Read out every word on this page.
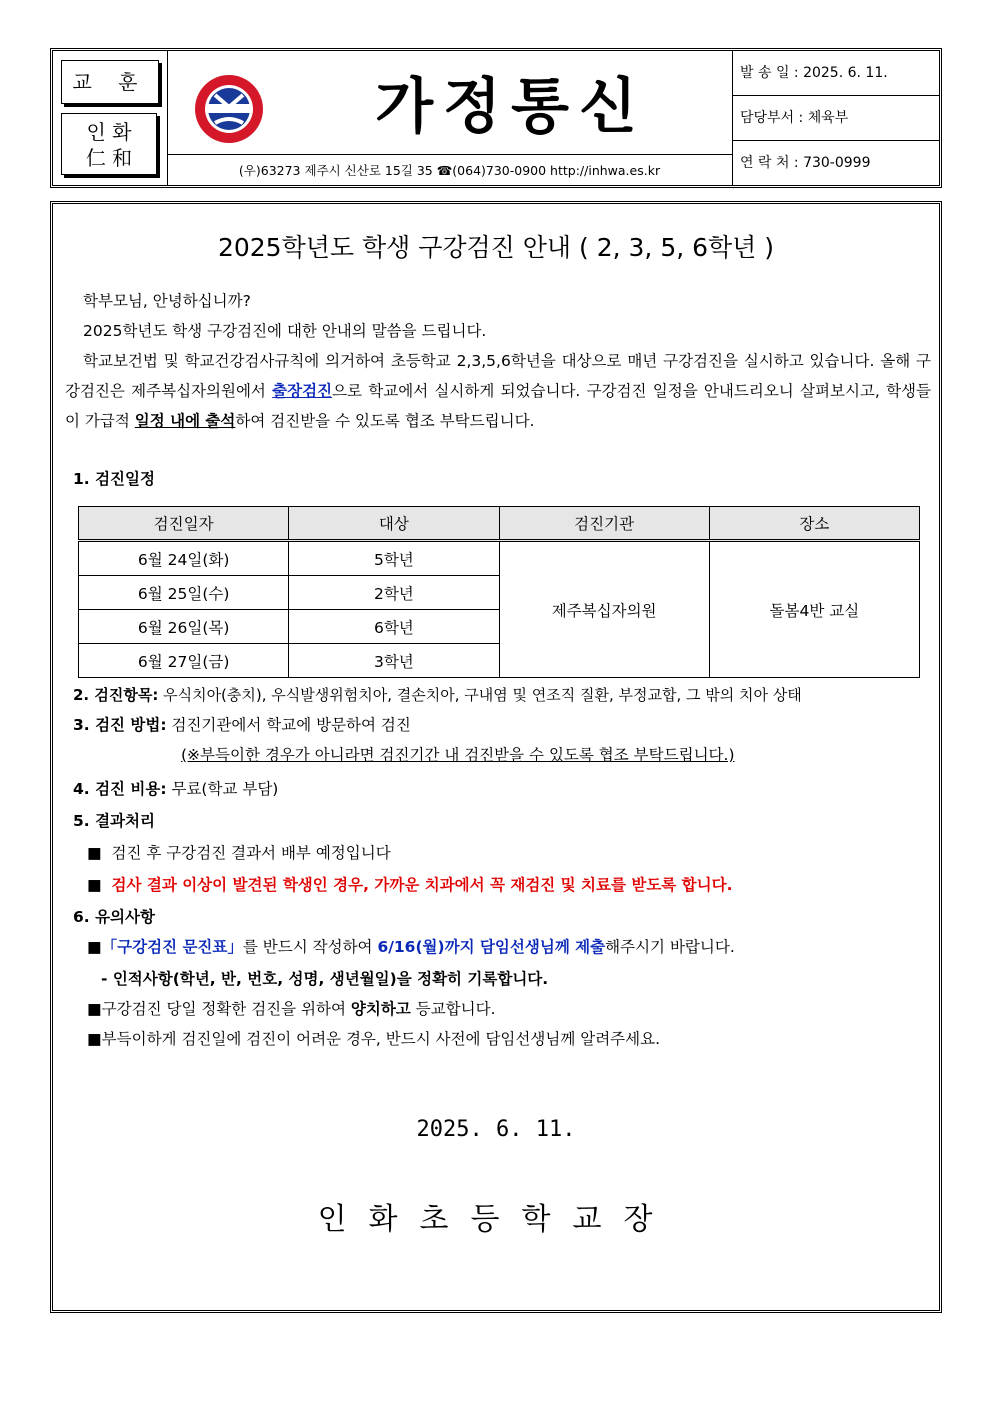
교 훈
인 화
仁 和
가정통신
(우)63273 제주시 신산로 15길 35 ☎(064)730-0900 http://inhwa.es.kr
발 송 일 : 2025. 6. 11.
담당부서 : 체육부
연 락 처 : 730-0999
2025학년도 학생 구강검진 안내 ( 2, 3, 5, 6학년 )
학부모님, 안녕하십니까?
2025학년도 학생 구강검진에 대한 안내의 말씀을 드립니다.
학교보건법 및 학교건강검사규칙에 의거하여 초등학교 2,3,5,6학년을 대상으로 매년 구강검진을 실시하고 있습니다. 올해 구강검진은 제주복십자의원에서 출장검진으로 학교에서 실시하게 되었습니다. 구강검진 일정을 안내드리오니 살펴보시고, 학생들이 가급적 일정 내에 출석하여 검진받을 수 있도록 협조 부탁드립니다.
1. 검진일정
검진일자	대상	검진기관	장소
6월 24일(화)	5학년	제주복십자의원	돌봄4반 교실
6월 25일(수)	2학년		
6월 26일(목)	6학년		
6월 27일(금)	3학년		
2. 검진항목: 우식치아(충치), 우식발생위험치아, 결손치아, 구내염 및 연조직 질환, 부정교합, 그 밖의 치아 상태
3. 검진 방법: 검진기관에서 학교에 방문하여 검진
(※부득이한 경우가 아니라면 검진기간 내 검진받을 수 있도록 협조 부탁드립니다.)
4. 검진 비용: 무료(학교 부담)
5. 결과처리
■ 검진 후 구강검진 결과서 배부 예정입니다
■ 검사 결과 이상이 발견된 학생인 경우, 가까운 치과에서 꼭 재검진 및 치료를 받도록 합니다.
6. 유의사항
■「구강검진 문진표」를 반드시 작성하여 6/16(월)까지 담임선생님께 제출해주시기 바랍니다.
- 인적사항(학년, 반, 번호, 성명, 생년월일)을 정확히 기록합니다.
■구강검진 당일 정확한 검진을 위하여 양치하고 등교합니다.
■부득이하게 검진일에 검진이 어려운 경우, 반드시 사전에 담임선생님께 알려주세요.
2025. 6. 11.
인화초등학교장
